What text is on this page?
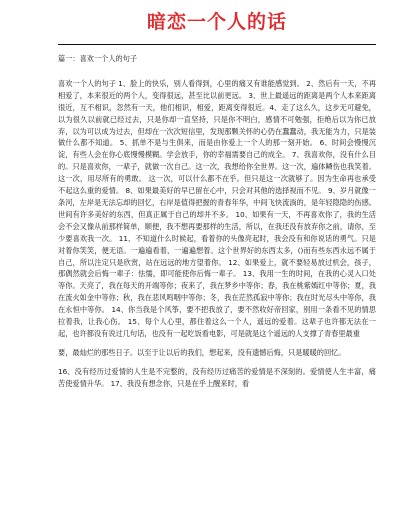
暗恋一个人的话
篇一：喜欢一个人的句子

喜欢一个人的句子 1、脸上的快乐，别人看得到，心里的痛又有谁能感觉到。 2、然后有一天，不再相爱了，本来很近的两个人，变得很远，甚至比以前更远。 3、世上最遥远的距离是两个人本来距离很近，互不相识，忽然有一天，他们相识，相爱，距离变得很近。4、走了这么久，这步无可避免，以为很久以前就已经过去，只是你却一直坚持，只是你不明白，感情不可勉强，拒绝后以为你已放弃，以为可以成为过去，但却在一次次短信里，发现那颗关怀的心仍在蠢蠢动，我无能为力，只是装做什么都不知道。 5、抓单不是与生俱来，而是由你爱上一个人的那一刻开始。 6、时间会慢慢沉淀，有些人会在你心底慢慢模糊。学会放手，你的幸福需要自己的成全。 7、我喜欢你，没有什么目的。只是喜欢你，一辈子，就做一次自己。这一次，我想给你全世界。这一次，遍体鳞伤也我笑着。这一次，用尽所有的勇敢。 这一次，可以什么都不在乎。但只是这一次就够了。因为生命再也承受不起这么重的爱情。 8、如果最美好的早已留在心中，只会对其他的选择视而不见。 9、岁月就像一条河，左岸是无法忘却的回忆，右岸是值得把握的青春年华，中间飞快流淌的，是年轻隐隐的伤感。世间有许多美好的东西，但真正属于自己的却并不多。 10、如果有一天，不再喜欢你了，我的生活会不会又像从前那样简单，顺便，我不想再要那样的生活，所以，在我还没有放弃你之前，请你，至少要喜欢我一次。 11、不知道什么时候起，看着你的头像亮起时，我会没有和你说话的勇气。只是对着你笑笑，便无语。一遍遍看着，一遍遍想着。这个世界好的东西太多，()而有些东西永远不属于自己，所以注定只是欣赏，站在远远的地方望着你。 12、如果爱上，就不要轻易放过机会，孩子，那偶然就会后悔一辈子：怯懦，即可能使你后悔一辈子。 13、我用一生的时间，在我的心灵入口处等你。天亮了，我在每天的开端等你；夜来了，我在梦乡中等你；春，我在桃紫嫣红中等你；夏，我在流火如金中等你；秋，我在悲风鸣咽中等你；冬，我在茫然孤寂中等你；我在时光尽头中等你，我在永恒中等你。 14、你当我是个风筝，要不把我放了，要不然收好帝回家，别用一条看不见的情思拉着我，让我心伤。 15、每个人心里，都住着这么一个人，遥远的爱着。这辈子也许都无法在一起，也许都没有说过几句话，也没有一起吃饭看电影，可是就是这个遥远的人支撑了青春里最重

要，最灿烂的那些日子。以至于让以后的我们，想起来，没有遗憾后悔，只是暖暖的回忆。

16、没有经历过爱情的人生是不完整的，没有经历过痛苦的爱情是不深刻的。爱情使人生丰富，痛苦使爱情升华。 17、我没有想念你，只是在乎上醒来时，看
